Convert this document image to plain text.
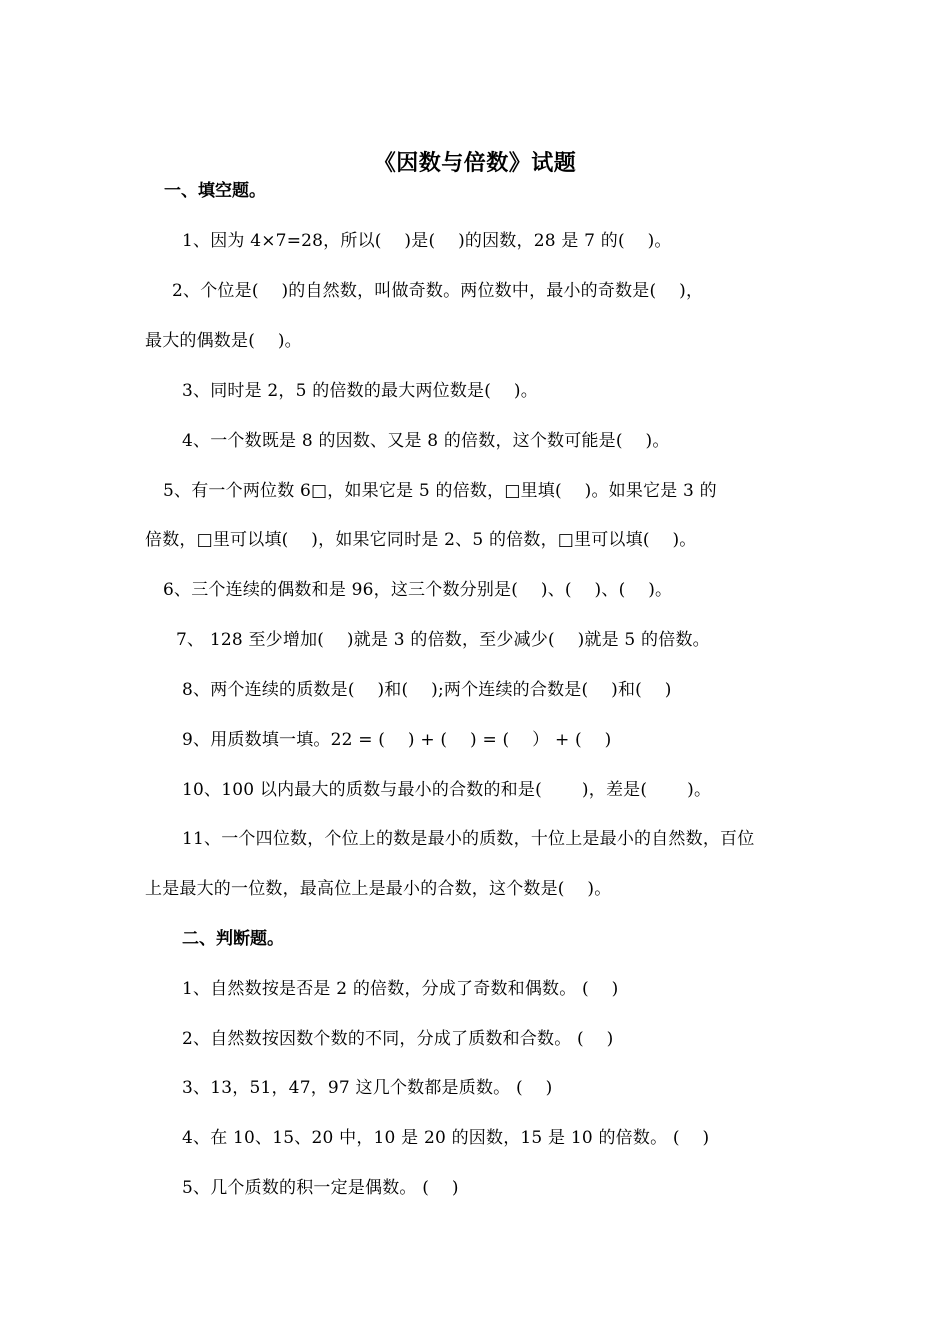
《因数与倍数》试题
一、填空题。
1、因为 4×7=28，所以(　 )是(　 )的因数，28 是 7 的(　 )。
2、个位是(　 )的自然数，叫做奇数。两位数中，最小的奇数是(　 )，
最大的偶数是(　 )。
3、同时是 2，5 的倍数的最大两位数是(　 )。
4、一个数既是 8 的因数、又是 8 的倍数，这个数可能是(　 )。
5、有一个两位数 6□，如果它是 5 的倍数，□里填(　 )。如果它是 3 的
倍数，□里可以填(　 )，如果它同时是 2、5 的倍数，□里可以填(　 )。
6、三个连续的偶数和是 96，这三个数分别是(　 )、(　 )、(　 )。
7、 128 至少增加(　 )就是 3 的倍数，至少减少(　 )就是 5 的倍数。
8、两个连续的质数是(　 )和(　 );两个连续的合数是(　 )和(　 )
9、用质数填一填。22 = (　 ) + (　 ) = (　 ） + (　 )
10、100 以内最大的质数与最小的合数的和是(　 　)，差是(　 　)。
11、一个四位数，个位上的数是最小的质数，十位上是最小的自然数，百位
上是最大的一位数，最高位上是最小的合数，这个数是(　 )。
二、判断题。
1、自然数按是否是 2 的倍数，分成了奇数和偶数。 (　 )
2、自然数按因数个数的不同，分成了质数和合数。 (　 )
3、13，51，47，97 这几个数都是质数。 (　 )
4、在 10、15、20 中，10 是 20 的因数，15 是 10 的倍数。 (　 )
5、几个质数的积一定是偶数。 (　 )
